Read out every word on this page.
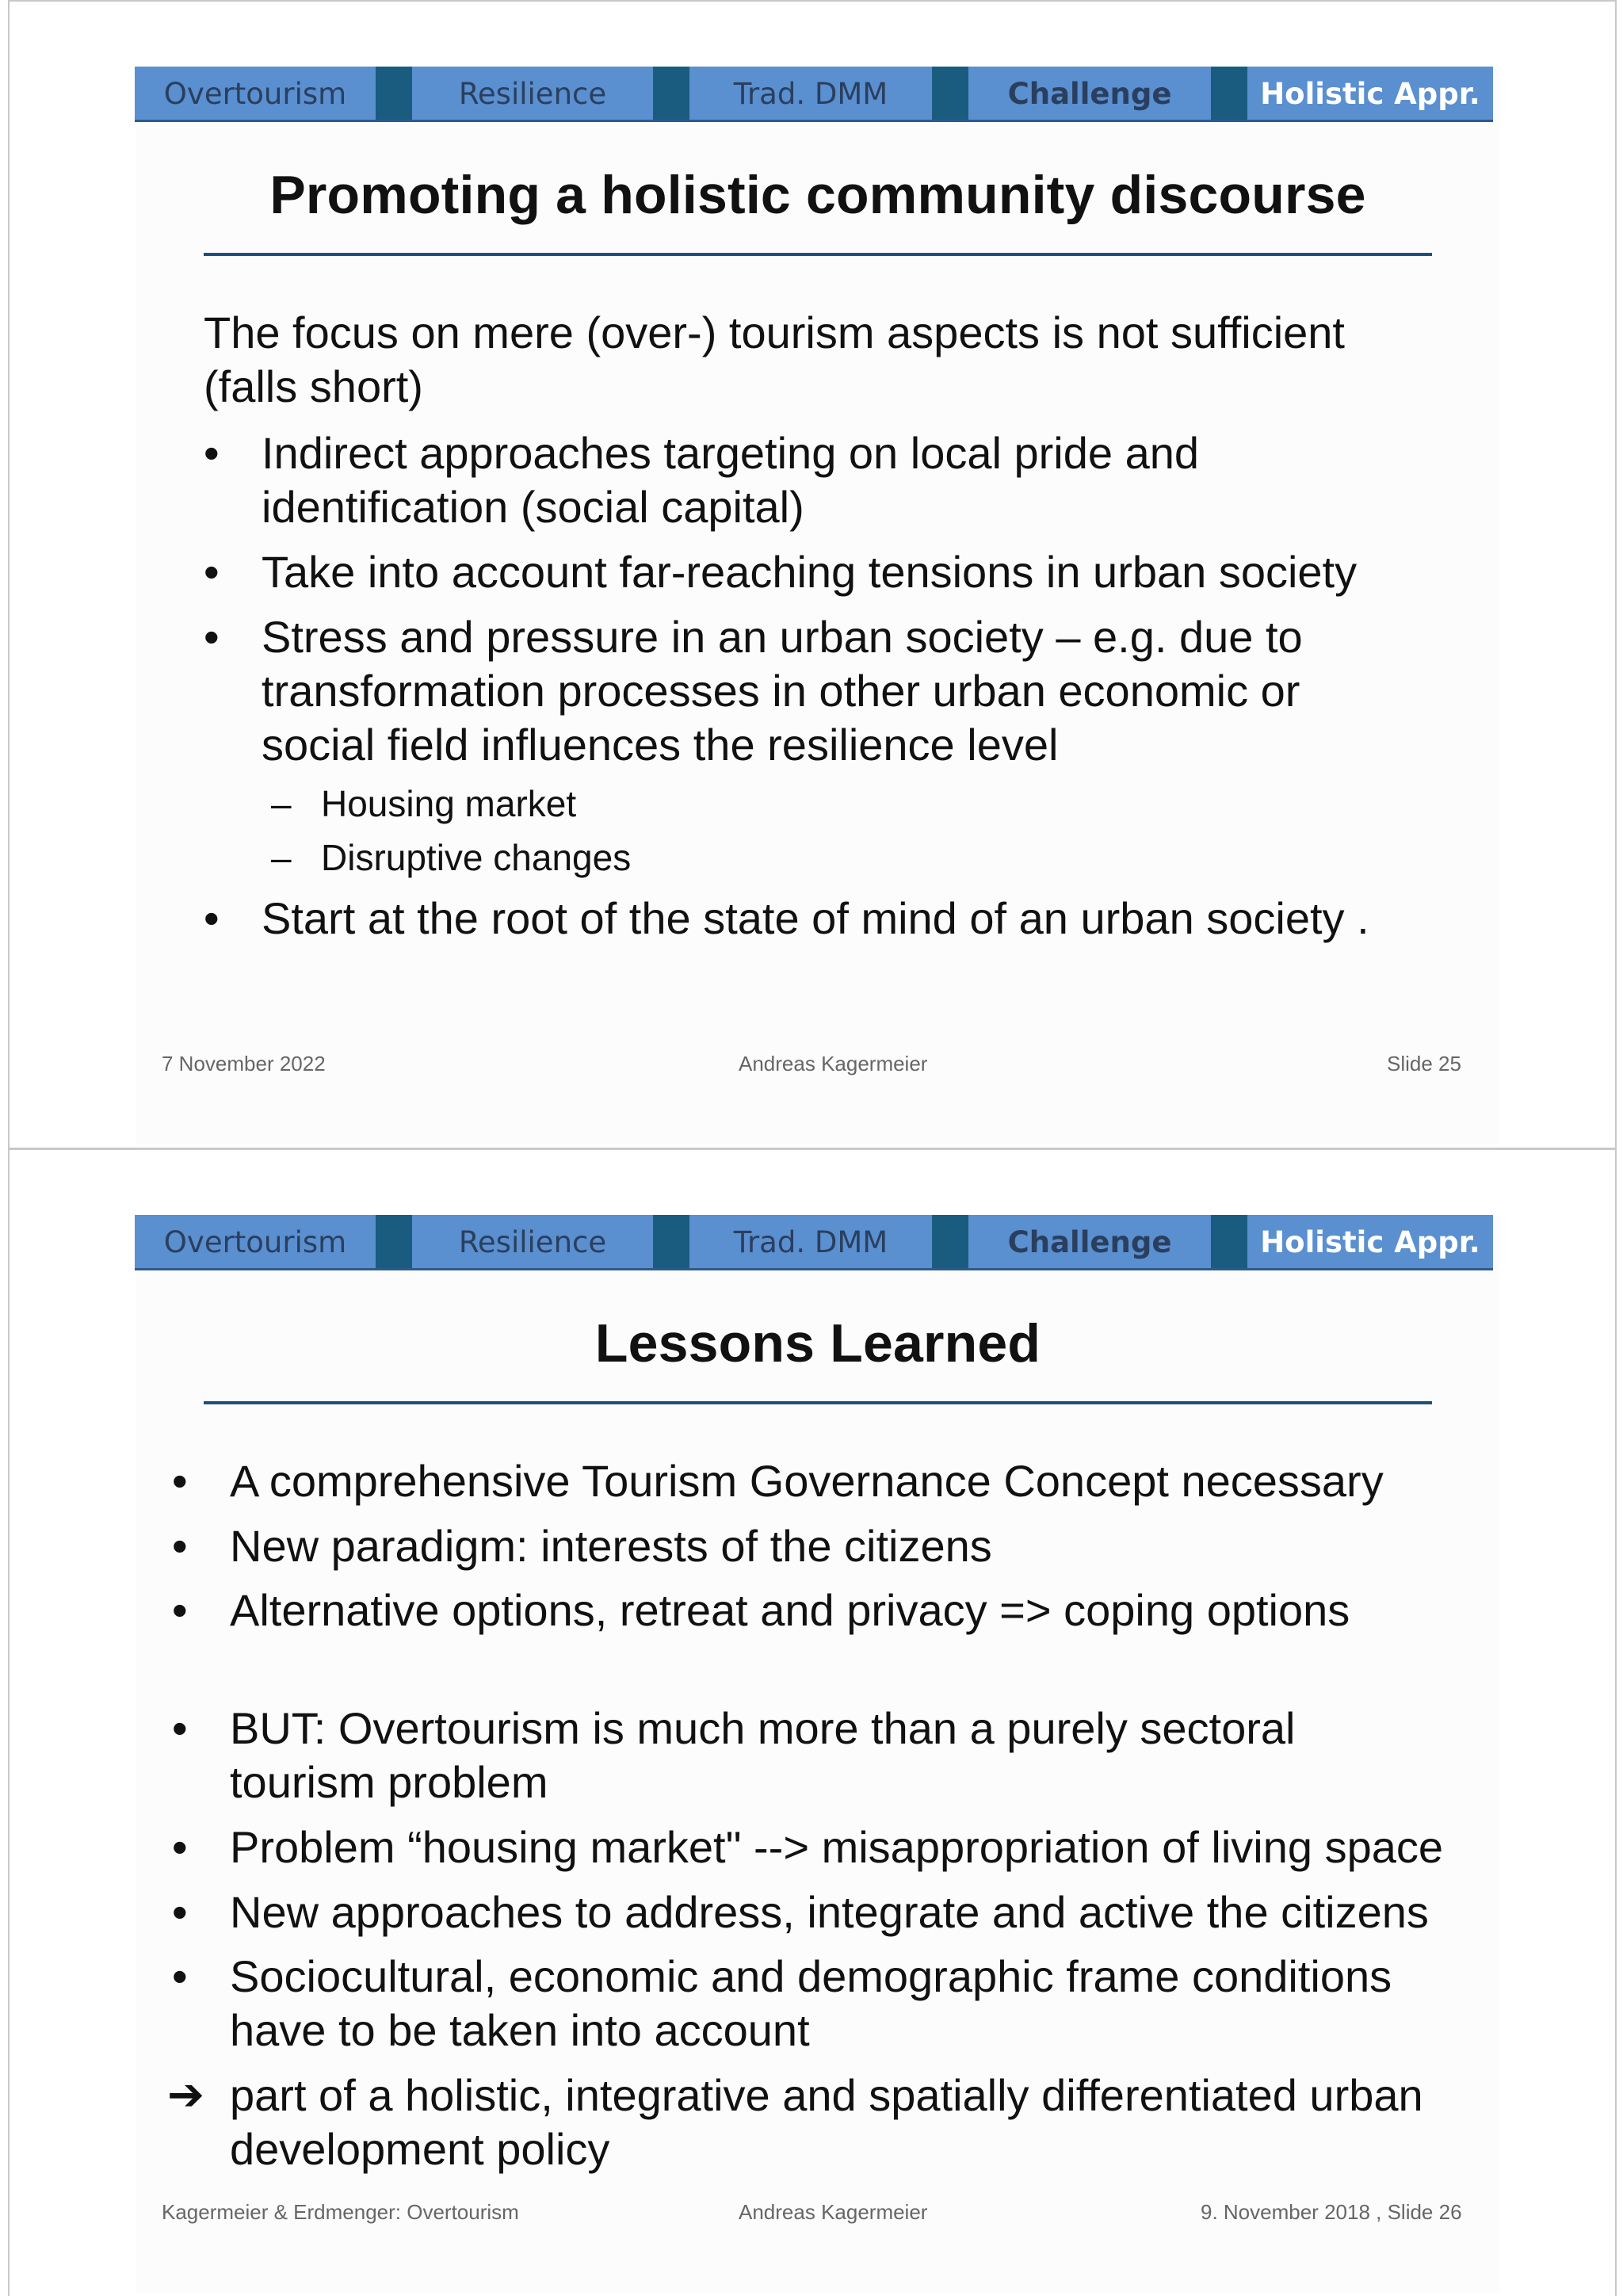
Overtourism	Resilience	Trad. DMM	Challenge	Holistic Appr.
Promoting a holistic community discourse
The focus on mere (over-) tourism aspects is not sufficient
(falls short)
• Indirect approaches targeting on local pride and
identification (social capital)
• Take into account far-reaching tensions in urban society
• Stress and pressure in an urban society – e.g. due to
transformation processes in other urban economic or
social field influences the resilience level
– Housing market
– Disruptive changes
• Start at the root of the state of mind of an urban society .
7 November 2022	Andreas Kagermeier	Slide 25
Overtourism	Resilience	Trad. DMM	Challenge	Holistic Appr.
Lessons Learned
• A comprehensive Tourism Governance Concept necessary
• New paradigm: interests of the citizens
• Alternative options, retreat and privacy => coping options
• BUT: Overtourism is much more than a purely sectoral
tourism problem
• Problem “housing market" --> misappropriation of living space
• New approaches to address, integrate and active the citizens
• Sociocultural, economic and demographic frame conditions
have to be taken into account
➔ part of a holistic, integrative and spatially differentiated urban
development policy
Kagermeier & Erdmenger: Overtourism	Andreas Kagermeier	9. November 2018 , Slide 26
